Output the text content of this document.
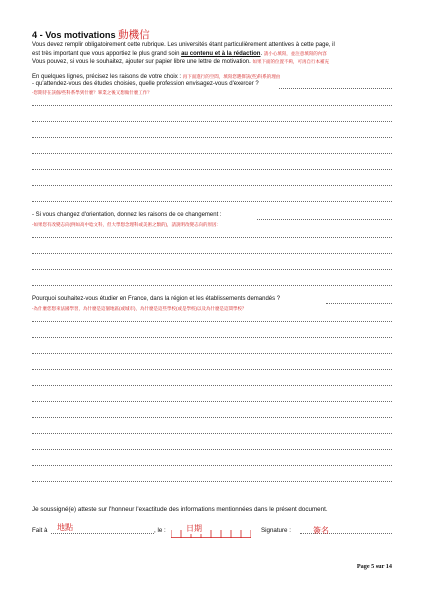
4 - Vos motivations 動機信
Vous devez remplir obligatoirement cette rubrique. Les universités étant particulièrement attentives à cette page, il
est très important que vous apportiez le plus grand soin au contenu et à la rédaction. 請小心填寫，並注意填寫的內容
Vous pouvez, si vous le souhaitez, ajouter sur papier libre une lettre de motivation. 如果下面的位置不夠，可再自行本補充
En quelques lignes, précisez les raisons de votre choix : 再下面進行的空間，填寫您選擇該(些)科系的理由
- qu'attendez-vous des études choisies, quelle profession envisagez-vous d'exercer ?
-您期待在該個/些科系學到什麼？畢業之後又想做什麼工作？
- Si vous changez d'orientation, donnez les raisons de ce changement :
-如果您有改變志向(例如高中唸文科，但大學想念理科或美術之類的)，請說明改變志向的原因：
Pourquoi souhaitez-vous étudier en France, dans la région et les établissements demandés ?
-為什麼您想來法國學習，為什麼是這個地區(或城市)，為什麼是這些學校(或是學校)以及為什麼是這間學校？
Je soussigné(e) atteste sur l'honneur l'exactitude des informations mentionnées dans le présent document.
Fait à 地點	, le :	日期	Signature :	簽名
Page 5 sur 14
